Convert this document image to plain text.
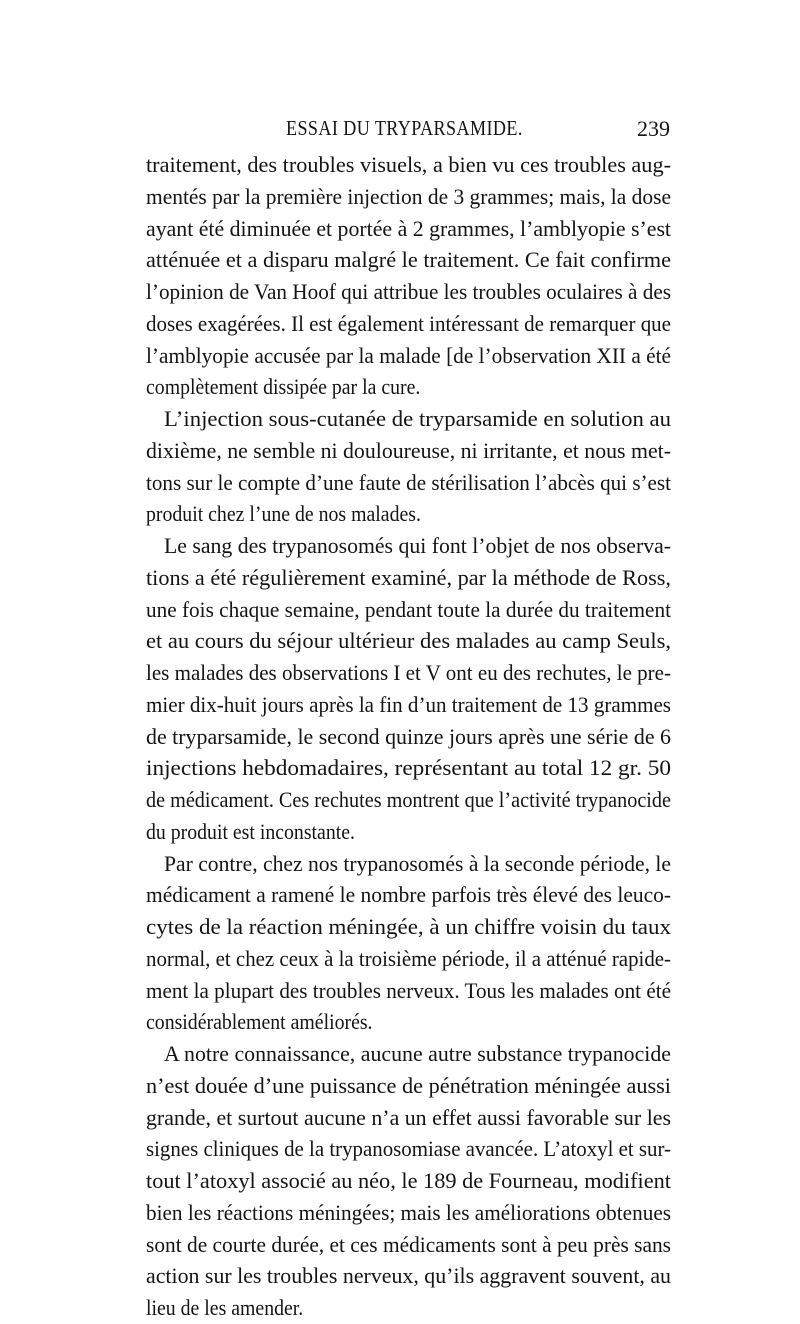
ESSAI DU TRYPARSAMIDE.	239
traitement, des troubles visuels, a bien vu ces troubles aug-
mentés par la première injection de 3 grammes; mais, la dose
ayant été diminuée et portée à 2 grammes, l’amblyopie s’est
atténuée et a disparu malgré le traitement. Ce fait confirme
l’opinion de Van Hoof qui attribue les troubles oculaires à des
doses exagérées. Il est également intéressant de remarquer que
l’amblyopie accusée par la malade [de l’observation XII a été
complètement dissipée par la cure.
L’injection sous-cutanée de tryparsamide en solution au
dixième, ne semble ni douloureuse, ni irritante, et nous met-
tons sur le compte d’une faute de stérilisation l’abcès qui s’est
produit chez l’une de nos malades.
Le sang des trypanosomés qui font l’objet de nos observa-
tions a été régulièrement examiné, par la méthode de Ross,
une fois chaque semaine, pendant toute la durée du traitement
et au cours du séjour ultérieur des malades au camp Seuls,
les malades des observations I et V ont eu des rechutes, le pre-
mier dix-huit jours après la fin d’un traitement de 13 grammes
de tryparsamide, le second quinze jours après une série de 6
injections hebdomadaires, représentant au total 12 gr. 50
de médicament. Ces rechutes montrent que l’activité trypanocide
du produit est inconstante.
Par contre, chez nos trypanosomés à la seconde période, le
médicament a ramené le nombre parfois très élevé des leuco-
cytes de la réaction méningée, à un chiffre voisin du taux
normal, et chez ceux à la troisième période, il a atténué rapide-
ment la plupart des troubles nerveux. Tous les malades ont été
considérablement améliorés.
A notre connaissance, aucune autre substance trypanocide
n’est douée d’une puissance de pénétration méningée aussi
grande, et surtout aucune n’a un effet aussi favorable sur les
signes cliniques de la trypanosomiase avancée. L’atoxyl et sur-
tout l’atoxyl associé au néo, le 189 de Fourneau, modifient
bien les réactions méningées; mais les améliorations obtenues
sont de courte durée, et ces médicaments sont à peu près sans
action sur les troubles nerveux, qu’ils aggravent souvent, au
lieu de les amender.
